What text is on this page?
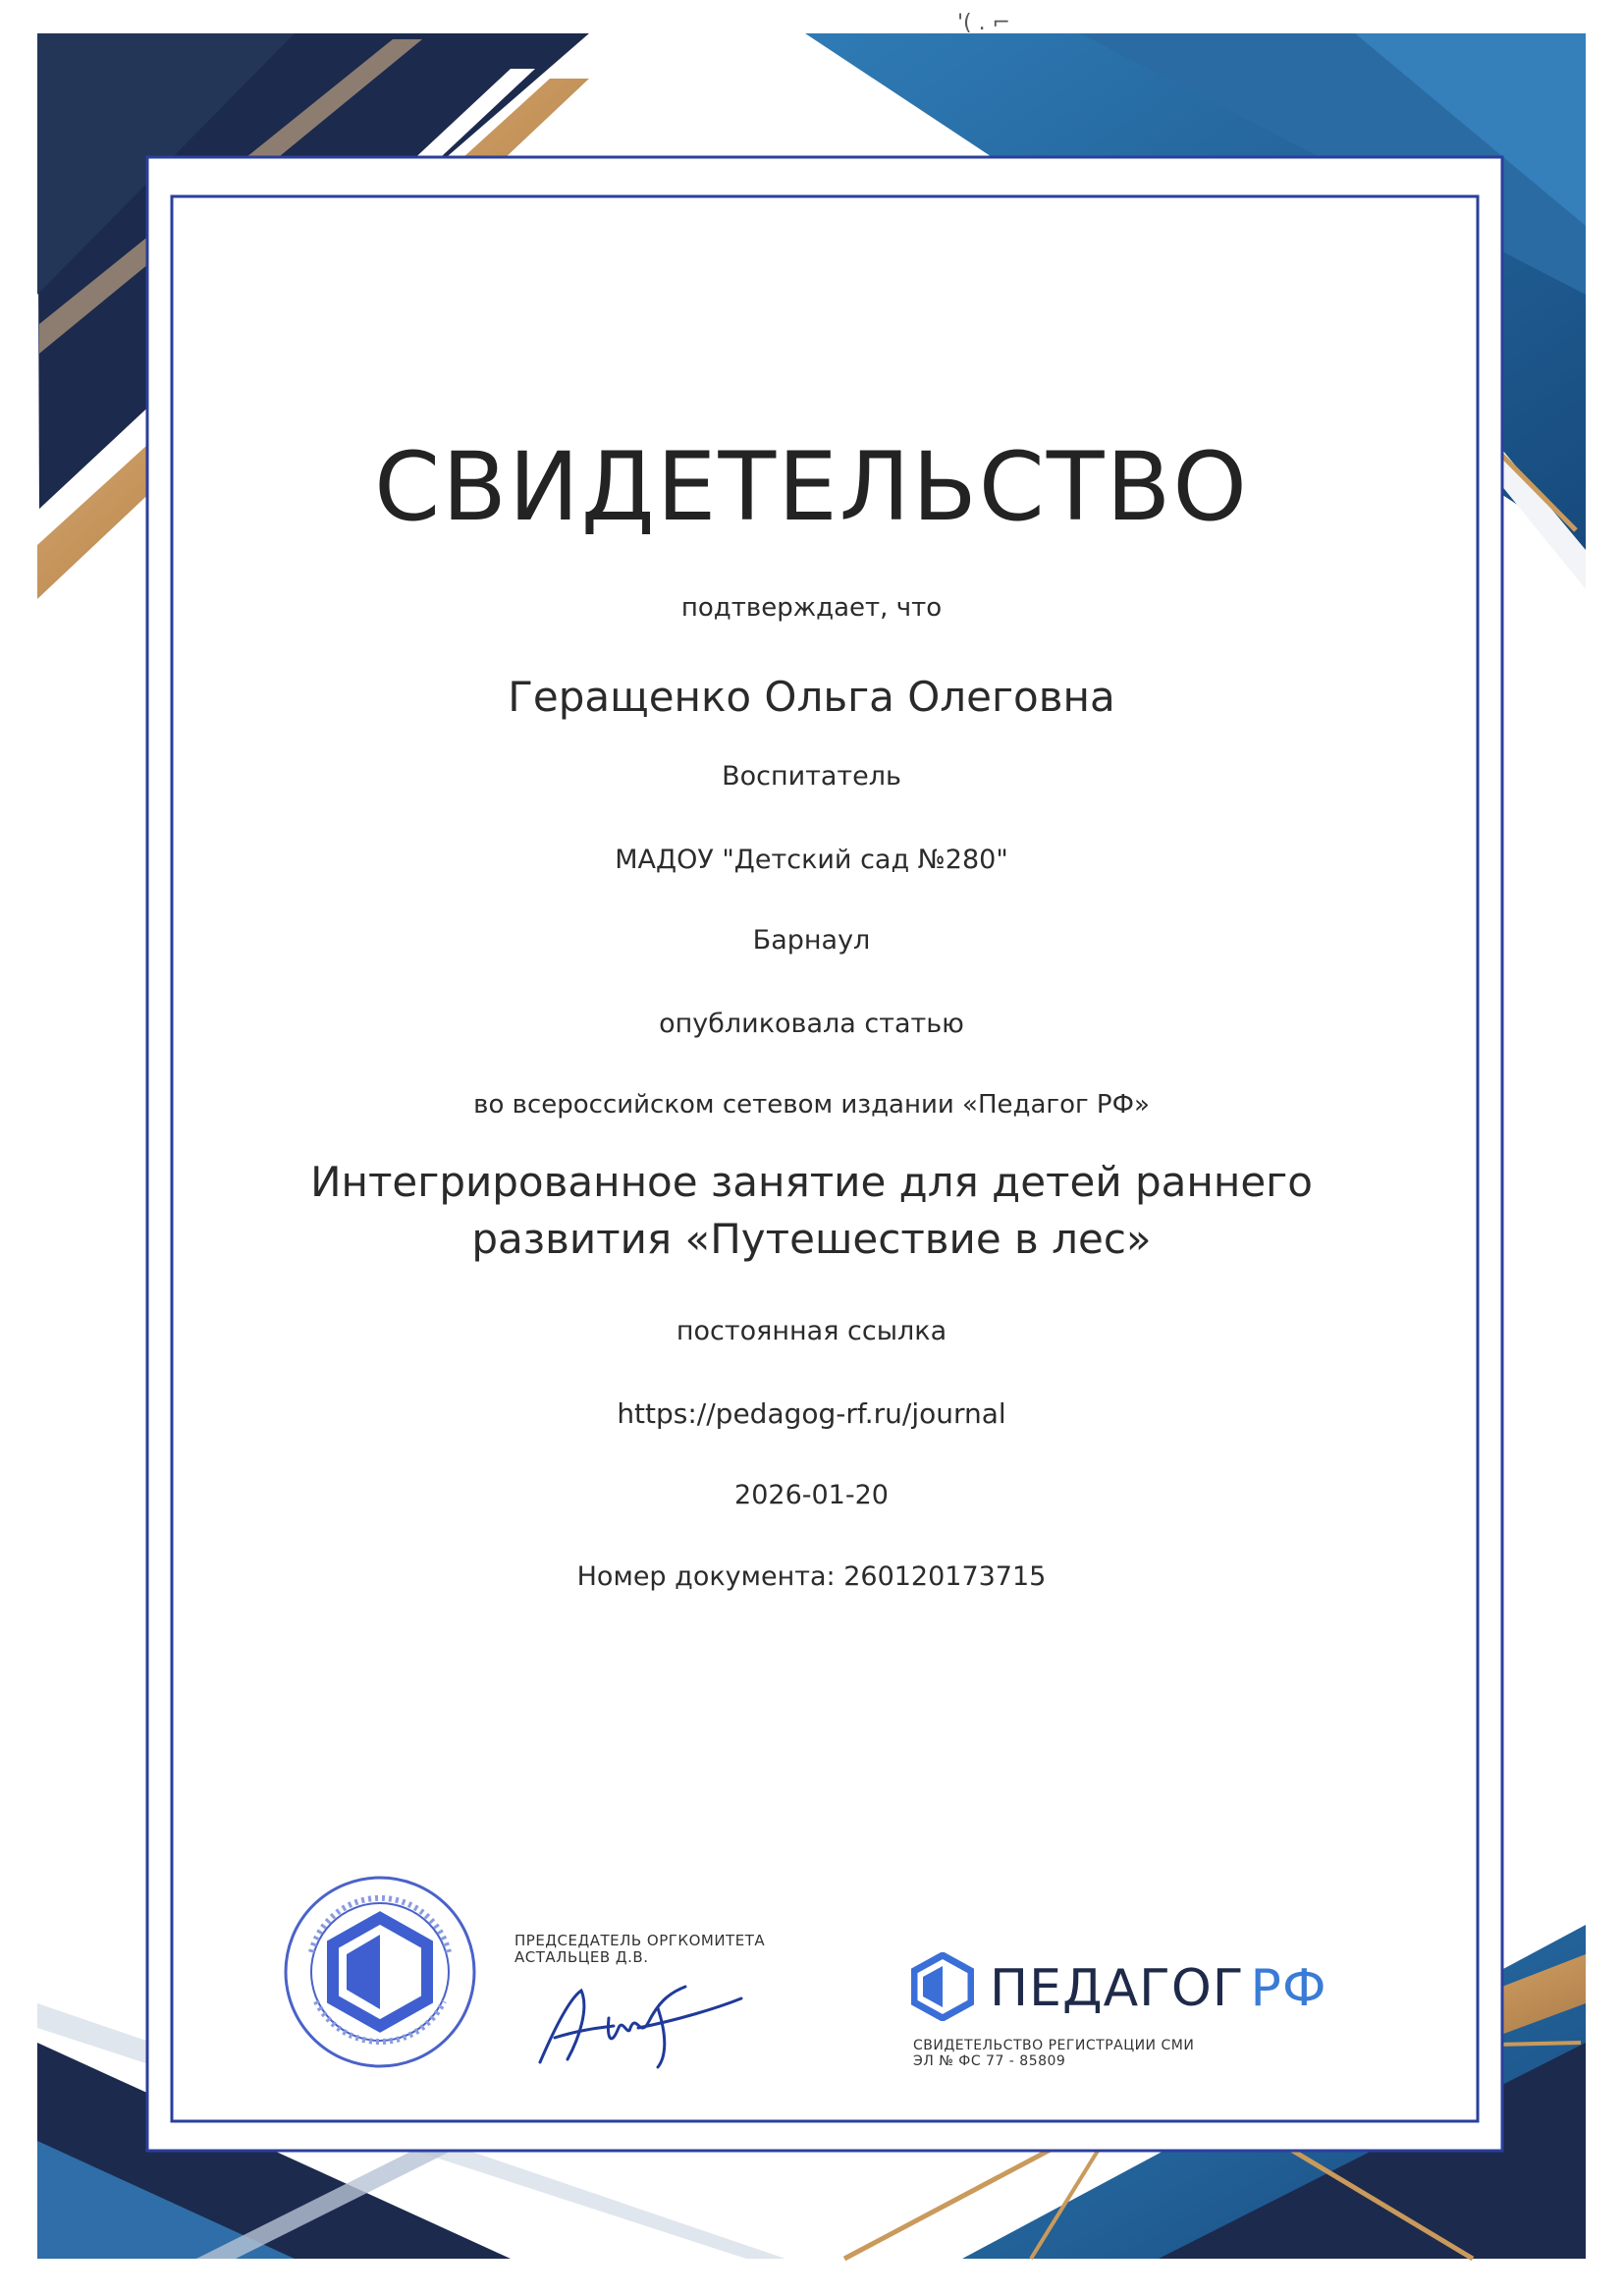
'( . ⌐
СВИДЕТЕЛЬСТВО

подтверждает, что

Геращенко Ольга Олеговна

Воспитатель

МАДОУ "Детский сад №280"

Барнаул

опубликовала статью

во всероссийском сетевом издании «Педагог РФ»

Интегрированное занятие для детей раннего
развития «Путешествие в лес»

постоянная ссылка

https://pedagog-rf.ru/journal

2026-01-20

Номер документа: 260120173715

ПРЕДСЕДАТЕЛЬ ОРГКОМИТЕТА
АСТАЛЬЦЕВ Д.В.
ПЕДАГОГ РФ
СВИДЕТЕЛЬСТВО РЕГИСТРАЦИИ СМИ
ЭЛ № ФС 77 - 85809
